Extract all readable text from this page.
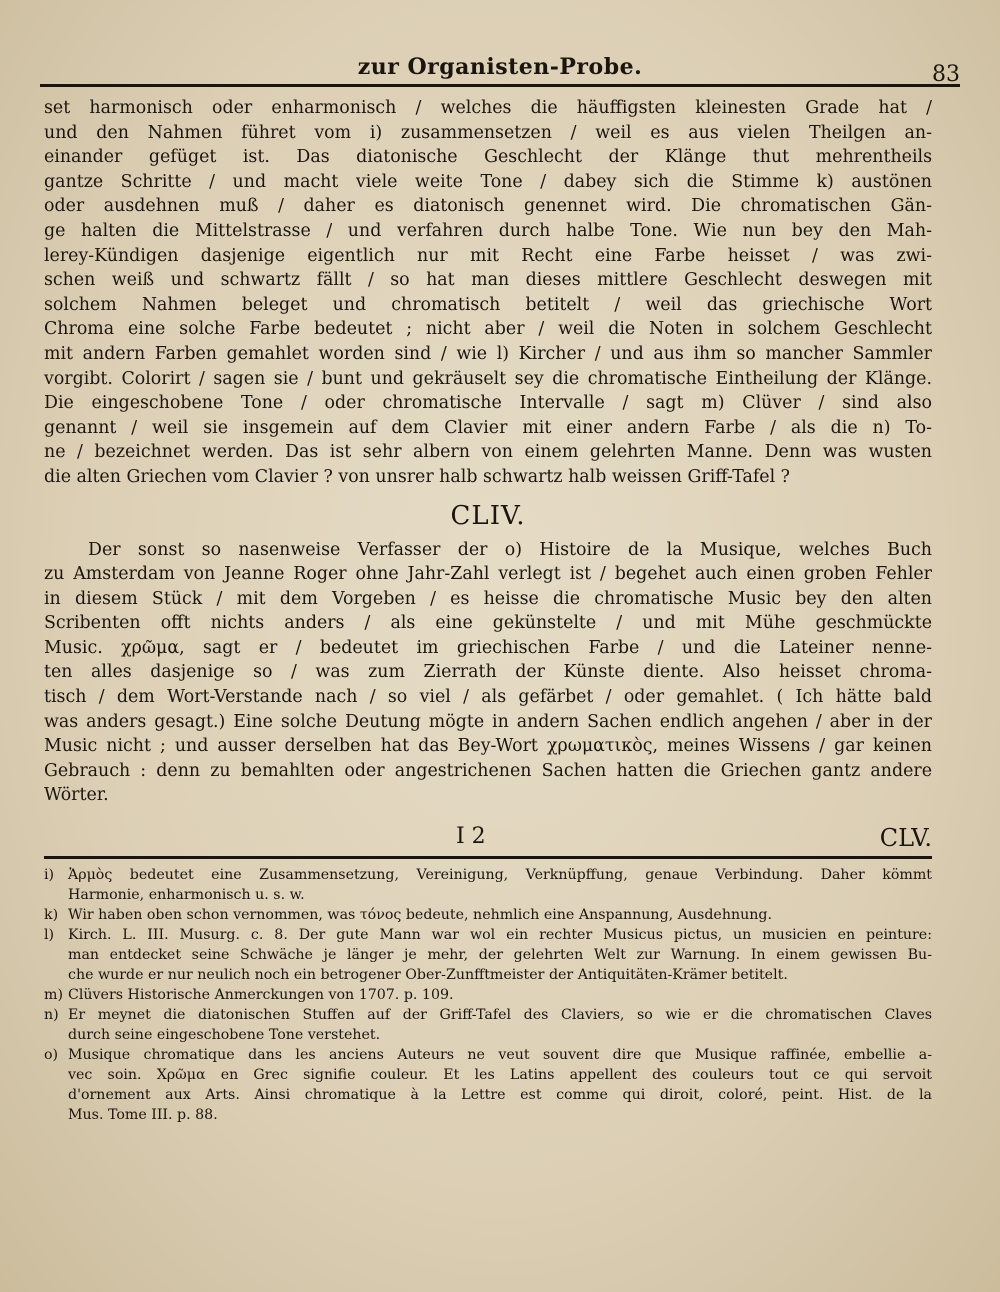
zur Organisten-Probe.	83
set harmonisch oder enharmonisch / welches die häuffigsten kleinesten Grade hat /
und den Nahmen führet vom i) zusammensetzen / weil es aus vielen Theilgen an-
einander gefüget ist. Das diatonische Geschlecht der Klänge thut mehrentheils
gantze Schritte / und macht viele weite Tone / dabey sich die Stimme k) austönen
oder ausdehnen muß / daher es diatonisch genennet wird. Die chromatischen Gän-
ge halten die Mittelstrasse / und verfahren durch halbe Tone. Wie nun bey den Mah-
lerey-Kündigen dasjenige eigentlich nur mit Recht eine Farbe heisset / was zwi-
schen weiß und schwartz fällt / so hat man dieses mittlere Geschlecht deswegen mit
solchem Nahmen beleget und chromatisch betitelt / weil das griechische Wort
Chroma eine solche Farbe bedeutet ; nicht aber / weil die Noten in solchem Geschlecht
mit andern Farben gemahlet worden sind / wie l) Kircher / und aus ihm so mancher Sammler
vorgibt. Colorirt / sagen sie / bunt und gekräuselt sey die chromatische Eintheilung der Klänge.
Die eingeschobene Tone / oder chromatische Intervalle / sagt m) Clüver / sind also
genannt / weil sie insgemein auf dem Clavier mit einer andern Farbe / als die n) To-
ne / bezeichnet werden. Das ist sehr albern von einem gelehrten Manne. Denn was wusten
die alten Griechen vom Clavier ? von unsrer halb schwartz halb weissen Griff-Tafel ?
CLIV.
Der sonst so nasenweise Verfasser der o) Histoire de la Musique, welches Buch
zu Amsterdam von Jeanne Roger ohne Jahr-Zahl verlegt ist / begehet auch einen groben Fehler
in diesem Stück / mit dem Vorgeben / es heisse die chromatische Music bey den alten
Scribenten offt nichts anders / als eine gekünstelte / und mit Mühe geschmückte
Music. χρῶμα, sagt er / bedeutet im griechischen Farbe / und die Lateiner nenne-
ten alles dasjenige so / was zum Zierrath der Künste diente. Also heisset chroma-
tisch / dem Wort-Verstande nach / so viel / als gefärbet / oder gemahlet. ( Ich hätte bald
was anders gesagt.) Eine solche Deutung mögte in andern Sachen endlich angehen / aber in der
Music nicht ; und ausser derselben hat das Bey-Wort χρωματικὸς, meines Wissens / gar keinen
Gebrauch : denn zu bemahlten oder angestrichenen Sachen hatten die Griechen gantz andere
Wörter.
I 2	CLV.
i) Ἁρμὸς bedeutet eine Zusammensetzung, Vereinigung, Verknüpffung, genaue Verbindung. Daher kömmt
Harmonie, enharmonisch u. s. w.
k) Wir haben oben schon vernommen, was τόνος bedeute, nehmlich eine Anspannung, Ausdehnung.
l) Kirch. L. III. Musurg. c. 8. Der gute Mann war wol ein rechter Musicus pictus, un musicien en peinture:
man entdecket seine Schwäche je länger je mehr, der gelehrten Welt zur Warnung. In einem gewissen Bu-
che wurde er nur neulich noch ein betrogener Ober-Zunfftmeister der Antiquitäten-Krämer betitelt.
m) Clüvers Historische Anmerckungen von 1707. p. 109.
n) Er meynet die diatonischen Stuffen auf der Griff-Tafel des Claviers, so wie er die chromatischen Claves
durch seine eingeschobene Tone verstehet.
o) Musique chromatique dans les anciens Auteurs ne veut souvent dire que Musique raffinée, embellie a-
vec soin. Χρῶμα en Grec signifie couleur. Et les Latins appellent des couleurs tout ce qui servoit
d'ornement aux Arts. Ainsi chromatique à la Lettre est comme qui diroit, coloré, peint. Hist. de la
Mus. Tome III. p. 88.
